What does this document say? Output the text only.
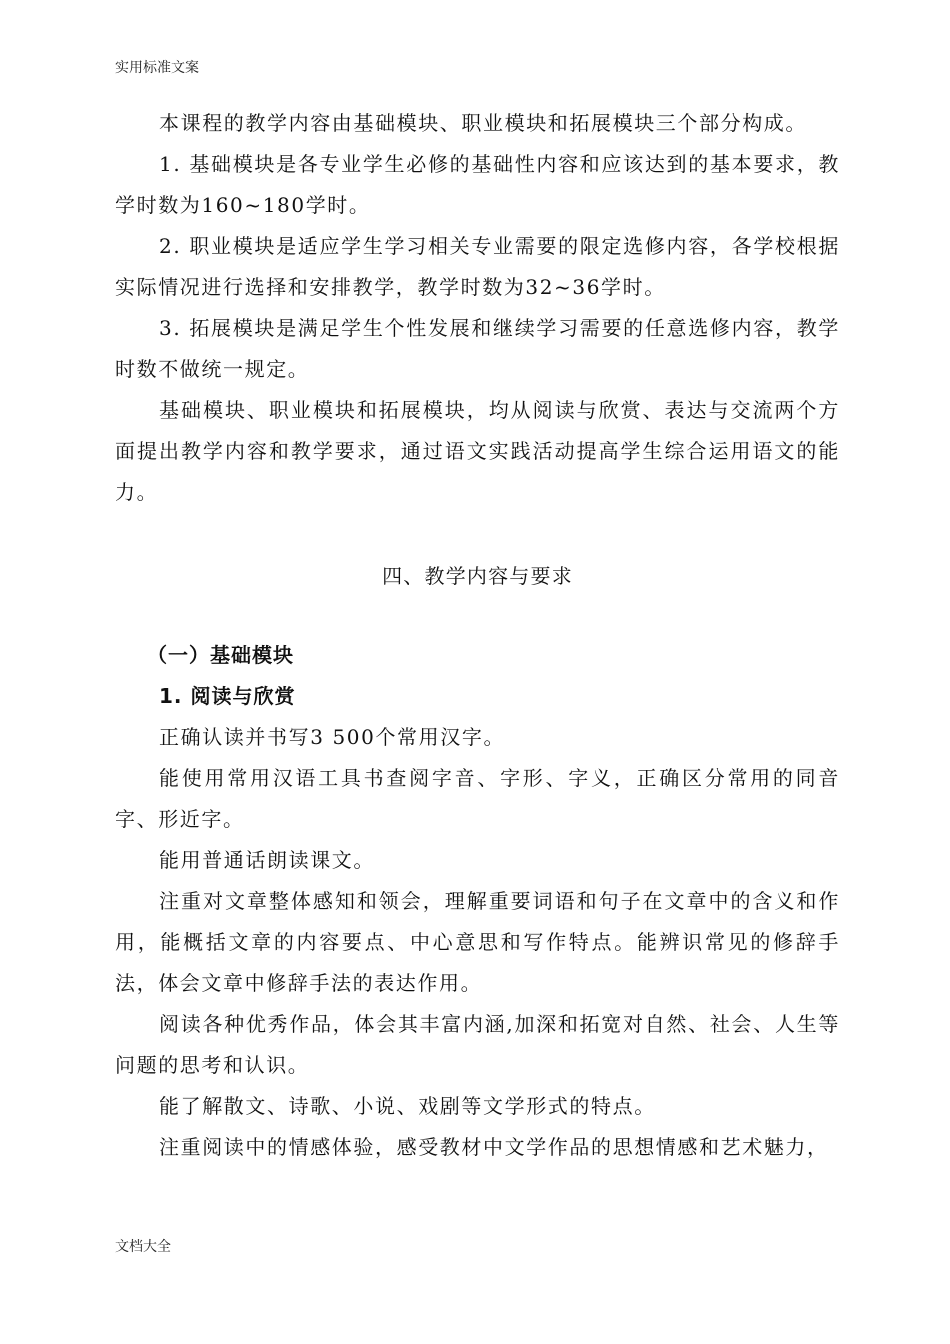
实用标准文案

本课程的教学内容由基础模块、职业模块和拓展模块三个部分构成。

1. 基础模块是各专业学生必修的基础性内容和应该达到的基本要求，教学时数为160~180学时。

2. 职业模块是适应学生学习相关专业需要的限定选修内容，各学校根据实际情况进行选择和安排教学，教学时数为32~36学时。

3. 拓展模块是满足学生个性发展和继续学习需要的任意选修内容，教学时数不做统一规定。

基础模块、职业模块和拓展模块，均从阅读与欣赏、表达与交流两个方面提出教学内容和教学要求，通过语文实践活动提高学生综合运用语文的能力。

四、教学内容与要求

（一）基础模块

1. 阅读与欣赏

正确认读并书写3 500个常用汉字。

能使用常用汉语工具书查阅字音、字形、字义，正确区分常用的同音字、形近字。

能用普通话朗读课文。

注重对文章整体感知和领会，理解重要词语和句子在文章中的含义和作用，能概括文章的内容要点、中心意思和写作特点。能辨识常见的修辞手法，体会文章中修辞手法的表达作用。

阅读各种优秀作品，体会其丰富内涵,加深和拓宽对自然、社会、人生等问题的思考和认识。

能了解散文、诗歌、小说、戏剧等文学形式的特点。

注重阅读中的情感体验，感受教材中文学作品的思想情感和艺术魅力，

文档大全
